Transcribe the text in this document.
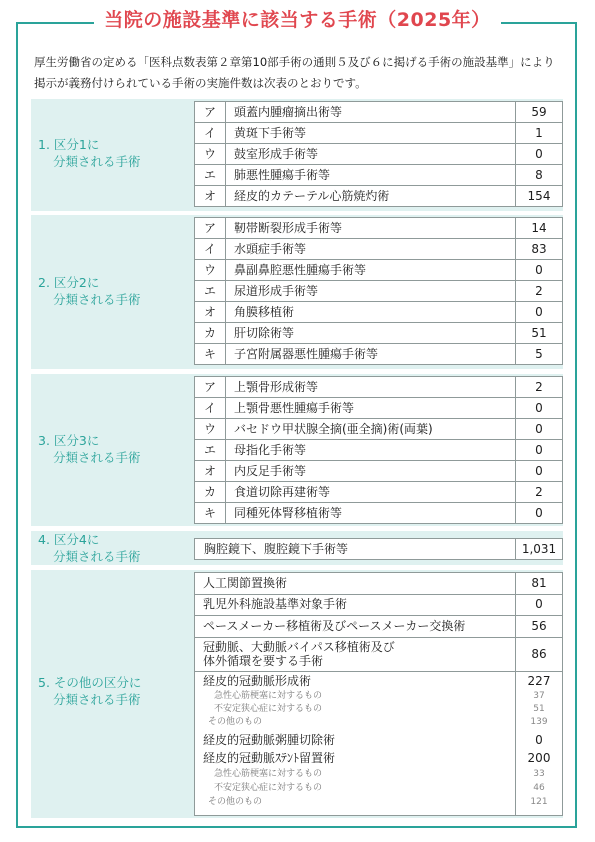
当院の施設基準に該当する手術（2025年）
厚生労働省の定める「医科点数表第２章第10部手術の通則５及び６に掲げる手術の施設基準」により掲示が義務付けられている手術の実施件数は次表のとおりです。
1. 区分1に
分類される手術
ア	頭蓋内腫瘤摘出術等	59
イ	黄斑下手術等	1
ウ	鼓室形成手術等	0
エ	肺悪性腫瘍手術等	8
オ	経皮的カテーテル心筋焼灼術	154
2. 区分2に
分類される手術
ア	靭帯断裂形成手術等	14
イ	水頭症手術等	83
ウ	鼻副鼻腔悪性腫瘍手術等	0
エ	尿道形成手術等	2
オ	角膜移植術	0
カ	肝切除術等	51
キ	子宮附属器悪性腫瘍手術等	5
3. 区分3に
分類される手術
ア	上顎骨形成術等	2
イ	上顎骨悪性腫瘍手術等	0
ウ	バセドウ甲状腺全摘(亜全摘)術(両葉)	0
エ	母指化手術等	0
オ	内反足手術等	0
カ	食道切除再建術等	2
キ	同種死体腎移植術等	0
4. 区分4に
分類される手術	胸腔鏡下、腹腔鏡下手術等	1,031
5. その他の区分に
分類される手術
人工関節置換術	81
乳児外科施設基準対象手術	0
ペースメーカー移植術及びペースメーカー交換術	56
冠動脈、大動脈バイパス移植術及び
体外循環を要する手術	86
経皮的冠動脈形成術	227
急性心筋梗塞に対するもの	37
不安定狭心症に対するもの	51
その他のもの	139
経皮的冠動脈粥腫切除術	0
経皮的冠動脈ｽﾃﾝﾄ留置術	200
急性心筋梗塞に対するもの	33
不安定狭心症に対するもの	46
その他のもの	121
